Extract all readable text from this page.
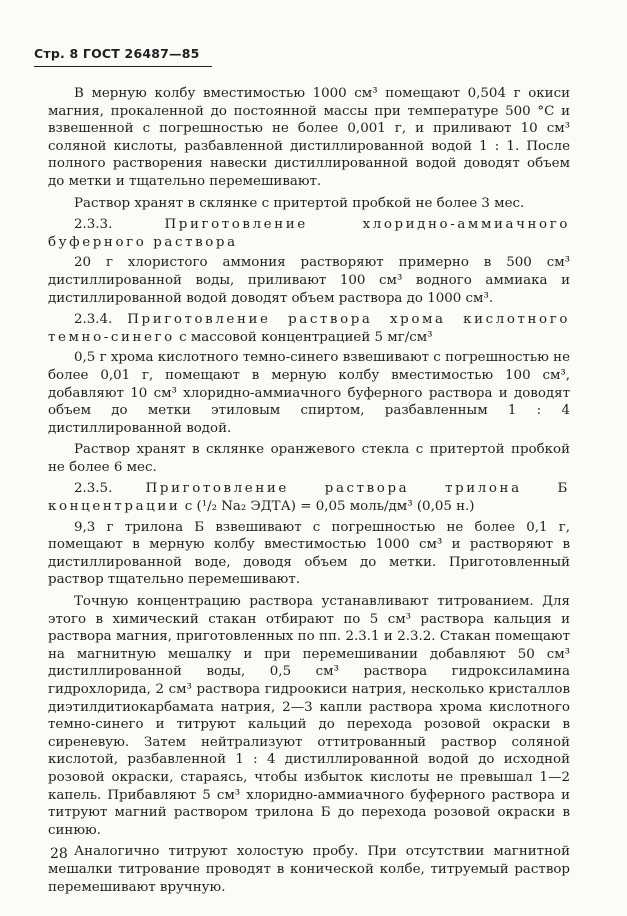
Стр. 8 ГОСТ 26487—85

В мерную колбу вместимостью 1000 см³ помещают 0,504 г окиси магния, прокаленной до постоянной массы при температуре 500 °С и взвешенной с погрешностью не более 0,001 г, и приливают 10 см³ соляной кислоты, разбавленной дистиллированной водой 1 : 1. После полного растворения навески дистиллированной водой доводят объем до метки и тщательно перемешивают.

Раствор хранят в склянке с притертой пробкой не более 3 мес.

2.3.3.	Приготовление хлоридно-аммиачного буферного раствора

20 г хлористого аммония растворяют примерно в 500 см³ дистиллированной воды, приливают 100 см³ водного аммиака и дистиллированной водой доводят объем раствора до 1000 см³.

2.3.4. Приготовление раствора хрома кислотного темно-синего с массовой концентрацией 5 мг/см³

0,5 г хрома кислотного темно-синего взвешивают с погрешностью не более 0,01 г, помещают в мерную колбу вместимостью 100 см³, добавляют 10 см³ хлоридно-аммиачного буферного раствора и доводят объем до метки этиловым спиртом, разбавленным 1 : 4 дистиллированной водой.

Раствор хранят в склянке оранжевого стекла с притертой пробкой не более 6 мес.

2.3.5. Приготовление раствора трилона Б концентрации с (¹/₂ Na₂ ЭДТА) = 0,05 моль/дм³ (0,05 н.)

9,3 г трилона Б взвешивают с погрешностью не более 0,1 г, помещают в мерную колбу вместимостью 1000 см³ и растворяют в дистиллированной воде, доводя объем до метки. Приготовленный раствор тщательно перемешивают.

Точную концентрацию раствора устанавливают титрованием. Для этого в химический стакан отбирают по 5 см³ раствора кальция и раствора магния, приготовленных по пп. 2.3.1 и 2.3.2. Стакан помещают на магнитную мешалку и при перемешивании добавляют 50 см³ дистиллированной воды, 0,5 см³ раствора гидроксиламина гидрохлорида, 2 см³ раствора гидроокиси натрия, несколько кристаллов диэтилдитиокарбамата натрия, 2—3 капли раствора хрома кислотного темно-синего и титруют кальций до перехода розовой окраски в сиреневую. Затем нейтрализуют оттитрованный раствор соляной кислотой, разбавленной 1 : 4 дистиллированной водой до исходной розовой окраски, стараясь, чтобы избыток кислоты не превышал 1—2 капель. Прибавляют 5 см³ хлоридно-аммиачного буферного раствора и титруют магний раствором трилона Б до перехода розовой окраски в синюю.

Аналогично титруют холостую пробу. При отсутствии магнитной мешалки титрование проводят в конической колбе, титруемый раствор перемешивают вручную.

28
